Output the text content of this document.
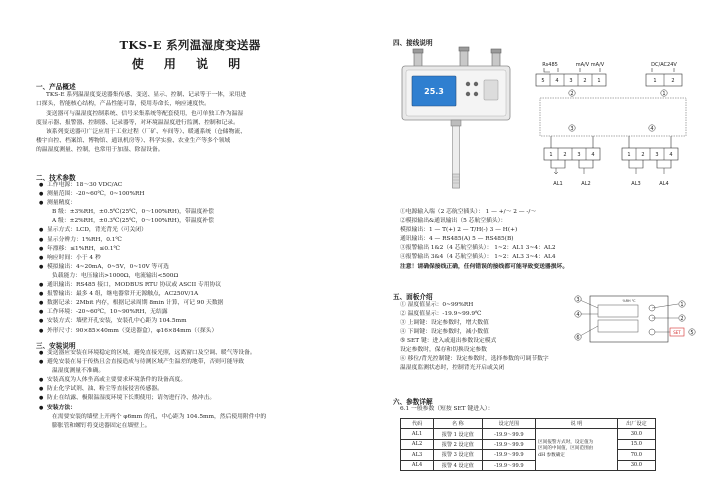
TKS-E 系列温湿度变送器
使 用 说 明
一、产品概述
TKS-E 系列温湿度变送器集传感、变送、显示、控制、记录等于一体，采用进
口探头，智能核心结构，产品性能可靠，使用寿命长，响应速度快。
变送器可与温湿度控制系统、信号采集系统等配套使用，也可单独工作为温湿
度显示器、报警器、控制器、记录器等，对环境温湿度进行监测、控制和记录。
该系列变送器可广泛应用于工业过程（厂矿、车间等）、暖通系统（仓储物流、
楼宇自控、档案馆、博物馆、通讯机房等）、科学实验、农业生产等多个领域
的温湿度测量、控制，也常用于加湿、除湿设备。
二、技术参数
● 工作电源：18～30 VDC/AC
● 测量范围：-20~60℃，0~100%RH
● 测量精度：
B 级：±3%RH，±0.5℃(25℃，0～100%RH)，带温度补偿
A 级：±2%RH，±0.3℃(25℃，0～100%RH)，带温度补偿
● 显示方式：LCD，背光背光（可关闭）
● 显示分辨力：1%RH，0.1℃
● 年漂移：≤1%RH，≤0.1℃
● 响应时间：小于 4 秒
● 模拟输出：4~20mA，0~5V，0~10V 等可选
负载能力：电压输出>1000Ω，电流输出<500Ω
● 通讯输出：RS485 接口，MODBUS RTU 协议或 ASCII 专用协议
● 报警输出：最多 4 组，继电器常开无源触点，AC250V/1A
● 数据记录：2Mbit 内存，根据记录周期 8min 计算，可记 90 天数据
● 工作环境：-20~60℃，10~90%RH，无结露
● 安装方式：墙壁开孔安装，安装孔中心距为 104.5mm
● 外形尺寸：90×85×40mm（变送器盒），φ16×84mm（（探头）
三、安装说明
● 变送器应安装在环境稳定的区域，避免直接光照，远离窗口及空调、暖气等设备。
● 避免安装在易于传热且会直接造成与待测区域产生温差的地带，否则可能导致
温湿度测量不准确。
● 安装高度为人体坐高或主要要求环境条件的设备高度。
● 防止化学试剂、油、粉尘等直接侵害传感器。
● 防止在结露、极限温湿度环境下长期使用；请勿进行冷、热冲击。
● 安装方法：
在需要安装的墙壁上开两个 φ6mm 的孔，中心距为 104.5mm，然后使用附件中的
膨胀管和螺钉将变送器固定在墙壁上。
四、接线说明
25.3
Rs485	mA/V mA/V	DC/AC24V
5 4 3 2 1	1	2
2	1
3	4
1 2 3 4	1 2 3 4
AL1	AL2	AL3	AL4
①电源输入端（2 芯航空插头）： 1 — +/～ 2 — -/～
②模拟输出&通讯输出（5 芯航空插头）：
模拟输出：1 — T(+) 2 — T/H(-) 3 — H(+)
通讯输出：4 — RS485(A) 5 — RS485(B)
③报警输出 1&2（4 芯航空插头）： 1~2：AL1 3~4：AL2
④报警输出 3&4（4 芯航空插头）： 1~2：AL3 3~4：AL4
注意！请确保接线正确，任何错误的接线都可能导致变送器损坏。
五、面板介绍
① 湿度值显示：0~99%RH
② 温度值显示：-19.9~99.9℃
③ 上调键：设定参数时，增大数值
④ 下调键：设定参数时，减小数值
⑤ SET 键：进入或退出参数设定模式
设定参数时，保存和切换设定参数
⑥ 移位/背光控制键：设定参数时，选择参数的可调节数字
温湿度监测状态时，控制背光开启或关闭
%RH ℃
3
4
1
2
6
SET 5
六、参数详解
6.1 一般参数（短按 SET 键进入）：
代码	名 称	设定范围	说 明	出厂设定
AL1	报警 1 设定值	-19.9～99.9	区间报警方式时，设定值为
区间的中间值，区间范围由
dH 参数确定	30.0
AL2	报警 2 设定值	-19.9～99.9		15.0
AL3	报警 3 设定值	-19.9～99.9		70.0
AL4	报警 4 设定值	-19.9～99.9		30.0
